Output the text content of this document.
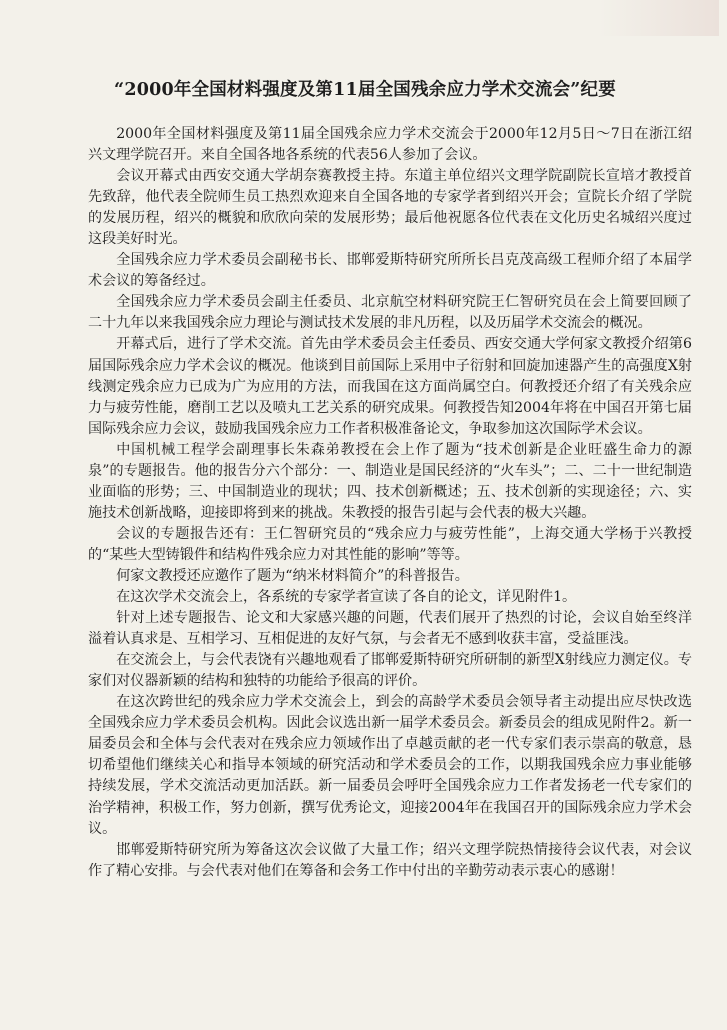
“2000年全国材料强度及第11届全国残余应力学术交流会”纪要

2000年全国材料强度及第11届全国残余应力学术交流会于2000年12月5日～7日在浙江绍兴文理学院召开。来自全国各地各系统的代表56人参加了会议。

会议开幕式由西安交通大学胡奈赛教授主持。东道主单位绍兴文理学院副院长宣培才教授首先致辞，他代表全院师生员工热烈欢迎来自全国各地的专家学者到绍兴开会；宣院长介绍了学院的发展历程，绍兴的概貌和欣欣向荣的发展形势；最后他祝愿各位代表在文化历史名城绍兴度过这段美好时光。

全国残余应力学术委员会副秘书长、邯郸爱斯特研究所所长吕克茂高级工程师介绍了本届学术会议的筹备经过。

全国残余应力学术委员会副主任委员、北京航空材料研究院王仁智研究员在会上简要回顾了二十九年以来我国残余应力理论与测试技术发展的非凡历程，以及历届学术交流会的概况。

开幕式后，进行了学术交流。首先由学术委员会主任委员、西安交通大学何家文教授介绍第6届国际残余应力学术会议的概况。他谈到目前国际上采用中子衍射和回旋加速器产生的高强度X射线测定残余应力已成为广为应用的方法，而我国在这方面尚属空白。何教授还介绍了有关残余应力与疲劳性能，磨削工艺以及喷丸工艺关系的研究成果。何教授告知2004年将在中国召开第七届国际残余应力会议，鼓励我国残余应力工作者积极准备论文，争取参加这次国际学术会议。

中国机械工程学会副理事长朱森弟教授在会上作了题为“技术创新是企业旺盛生命力的源泉”的专题报告。他的报告分六个部分：一、制造业是国民经济的“火车头”；二、二十一世纪制造业面临的形势；三、中国制造业的现状；四、技术创新概述；五、技术创新的实现途径；六、实施技术创新战略，迎接即将到来的挑战。朱教授的报告引起与会代表的极大兴趣。

会议的专题报告还有：王仁智研究员的“残余应力与疲劳性能”，上海交通大学杨于兴教授的“某些大型铸锻件和结构件残余应力对其性能的影响”等等。

何家文教授还应邀作了题为“纳米材料简介”的科普报告。

在这次学术交流会上，各系统的专家学者宣读了各自的论文，详见附件1。

针对上述专题报告、论文和大家感兴趣的问题，代表们展开了热烈的讨论，会议自始至终洋溢着认真求是、互相学习、互相促进的友好气氛，与会者无不感到收获丰富，受益匪浅。

在交流会上，与会代表饶有兴趣地观看了邯郸爱斯特研究所研制的新型X射线应力测定仪。专家们对仪器新颖的结构和独特的功能给予很高的评价。

在这次跨世纪的残余应力学术交流会上，到会的高龄学术委员会领导者主动提出应尽快改选全国残余应力学术委员会机构。因此会议选出新一届学术委员会。新委员会的组成见附件2。新一届委员会和全体与会代表对在残余应力领域作出了卓越贡献的老一代专家们表示崇高的敬意，恳切希望他们继续关心和指导本领域的研究活动和学术委员会的工作，以期我国残余应力事业能够持续发展，学术交流活动更加活跃。新一届委员会呼吁全国残余应力工作者发扬老一代专家们的治学精神，积极工作，努力创新，撰写优秀论文，迎接2004年在我国召开的国际残余应力学术会议。

邯郸爱斯特研究所为筹备这次会议做了大量工作；绍兴文理学院热情接待会议代表，对会议作了精心安排。与会代表对他们在筹备和会务工作中付出的辛勤劳动表示衷心的感谢！
